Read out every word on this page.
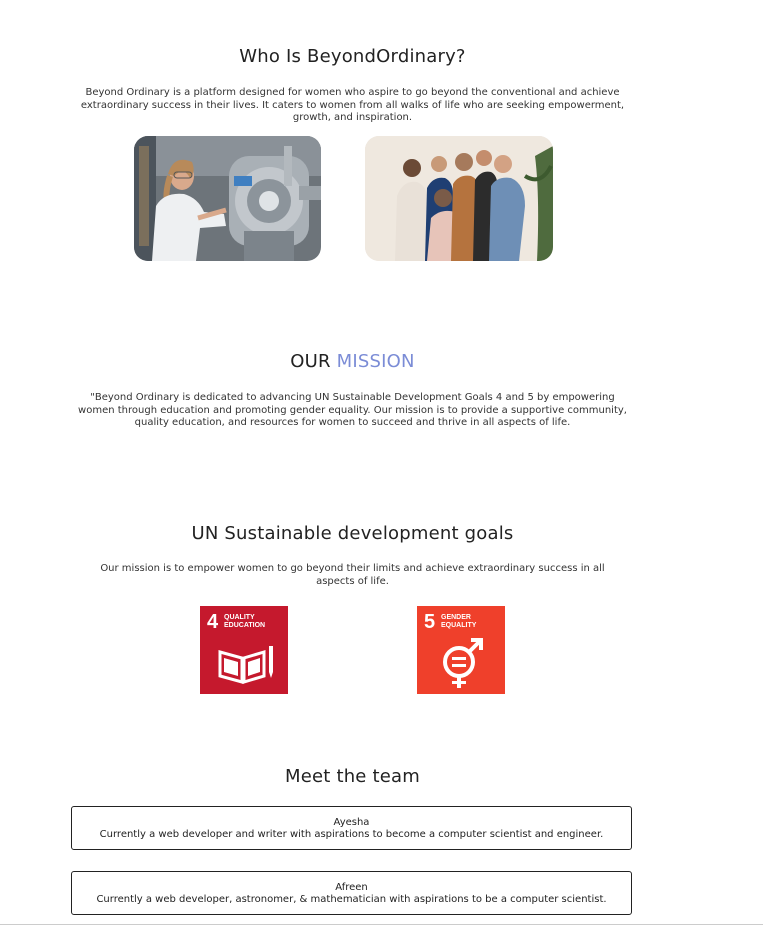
Who Is BeyondOrdinary?
Beyond Ordinary is a platform designed for women who aspire to go beyond the conventional and achieve
extraordinary success in their lives. It caters to women from all walks of life who are seeking empowerment,
growth, and inspiration.
OUR MISSION
"Beyond Ordinary is dedicated to advancing UN Sustainable Development Goals 4 and 5 by empowering
women through education and promoting gender equality. Our mission is to provide a supportive community,
quality education, and resources for women to succeed and thrive in all aspects of life.
UN Sustainable development goals
Our mission is to empower women to go beyond their limits and achieve extraordinary success in all
aspects of life.
4 QUALITY
EDUCATION	5 GENDER
EQUALITY
Meet the team
Ayesha
Currently a web developer and writer with aspirations to become a computer scientist and engineer.
Afreen
Currently a web developer, astronomer, & mathematician with aspirations to be a computer scientist.
